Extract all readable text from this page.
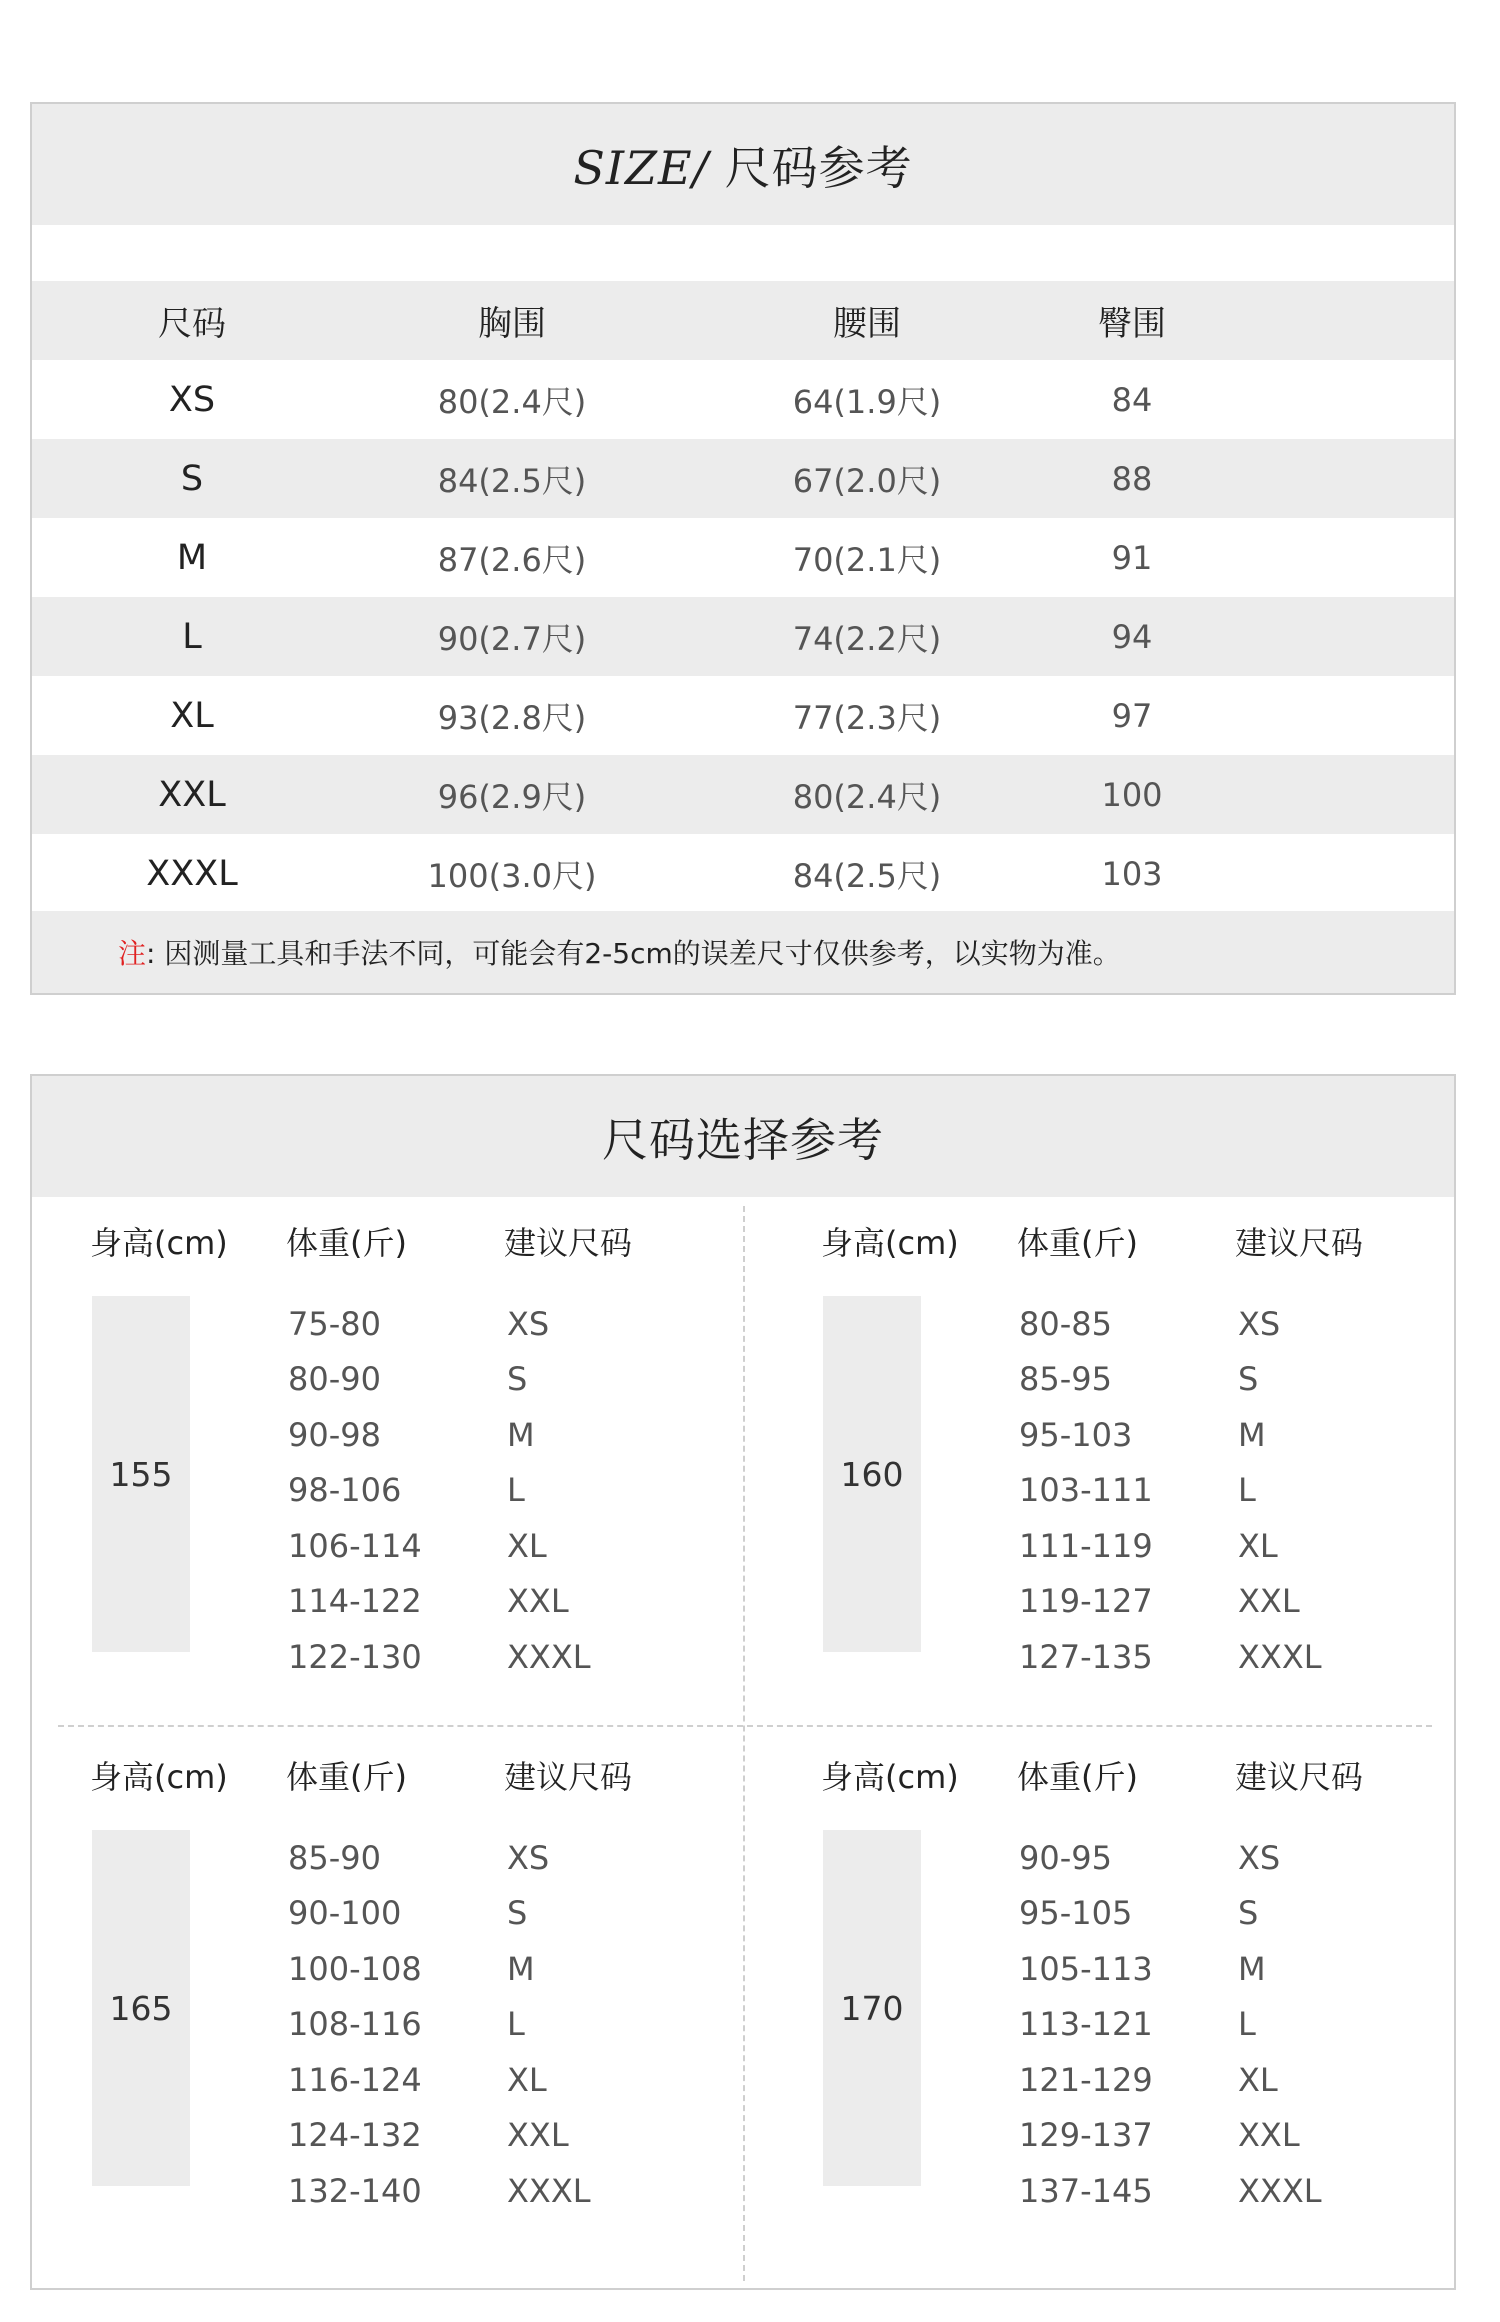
SIZE/ 尺码参考
尺码	胸围	腰围	臀围
XS	80(2.4尺)	64(1.9尺)	84
S	84(2.5尺)	67(2.0尺)	88
M	87(2.6尺)	70(2.1尺)	91
L	90(2.7尺)	74(2.2尺)	94
XL	93(2.8尺)	77(2.3尺)	97
XXL	96(2.9尺)	80(2.4尺)	100
XXXL	100(3.0尺)	84(2.5尺)	103
注 : 因测量工具和手法不同，可能会有2-5cm的误差尺寸仅供参考，以实物为准。
尺码选择参考
身高(cm) 体重(斤)	建议尺码
155
75-80	XS
80-90	S
90-98	M
98-106	L
106-114	XL
114-122	XXL
122-130	XXXL
身高(cm) 体重(斤)	建议尺码
160
80-85	XS
85-95	S
95-103	M
103-111	L
111-119	XL
119-127	XXL
127-135	XXXL
身高(cm) 体重(斤)	建议尺码
165
85-90	XS
90-100	S
100-108	M
108-116	L
116-124	XL
124-132	XXL
132-140	XXXL
身高(cm) 体重(斤)	建议尺码
170
90-95	XS
95-105	S
105-113	M
113-121	L
121-129	XL
129-137	XXL
137-145	XXXL
